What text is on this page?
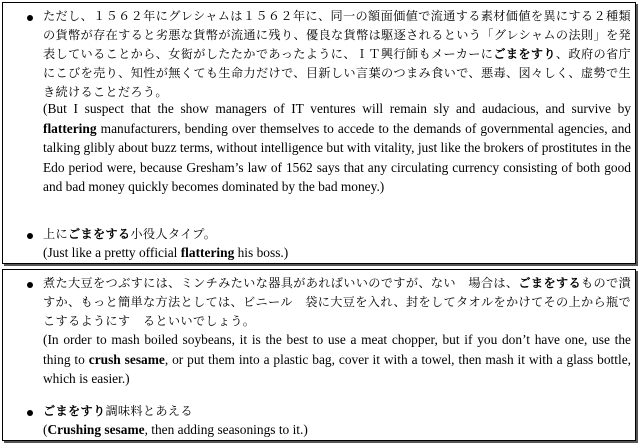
ただし、１５６２年にグレシャムは１５６２年に、同一の額面価値で流通する素材価値を異にする２種類の貨幣が存在すると劣悪な貨幣が流通に残り、優良な貨幣は駆逐されるという「グレシャムの法則」を発表していることから、女衒がしたたかであったように、ＩＴ興行師もメーカーにごまをすり、政府の省庁にこびを売り、知性が無くても生命力だけで、目新しい言葉のつまみ食いで、悪毒、図々しく、虚勢で生き続けることだろう。
(But I suspect that the show managers of IT ventures will remain sly and audacious, and survive by flattering manufacturers, bending over themselves to accede to the demands of governmental agencies, and talking glibly about buzz terms, without intelligence but with vitality, just like the brokers of prostitutes in the Edo period were, because Gresham’s law of 1562 says that any circulating currency consisting of both good and bad money quickly becomes dominated by the bad money.)
上にごまをする小役人タイプ。
(Just like a pretty official flattering his boss.)
煮た大豆をつぶすには、ミンチみたいな器具があればいいのですが、ない　場合は、ごまをするもので潰すか、もっと簡単な方法としては、ビニール　袋に大豆を入れ、封をしてタオルをかけてその上から瓶でこするようにす　るといいでしょう。
(In order to mash boiled soybeans, it is the best to use a meat chopper, but if you don’t have one, use the thing to crush sesame, or put them into a plastic bag, cover it with a towel, then mash it with a glass bottle, which is easier.)
ごまをすり調味料とあえる
(Crushing sesame, then adding seasonings to it.)
